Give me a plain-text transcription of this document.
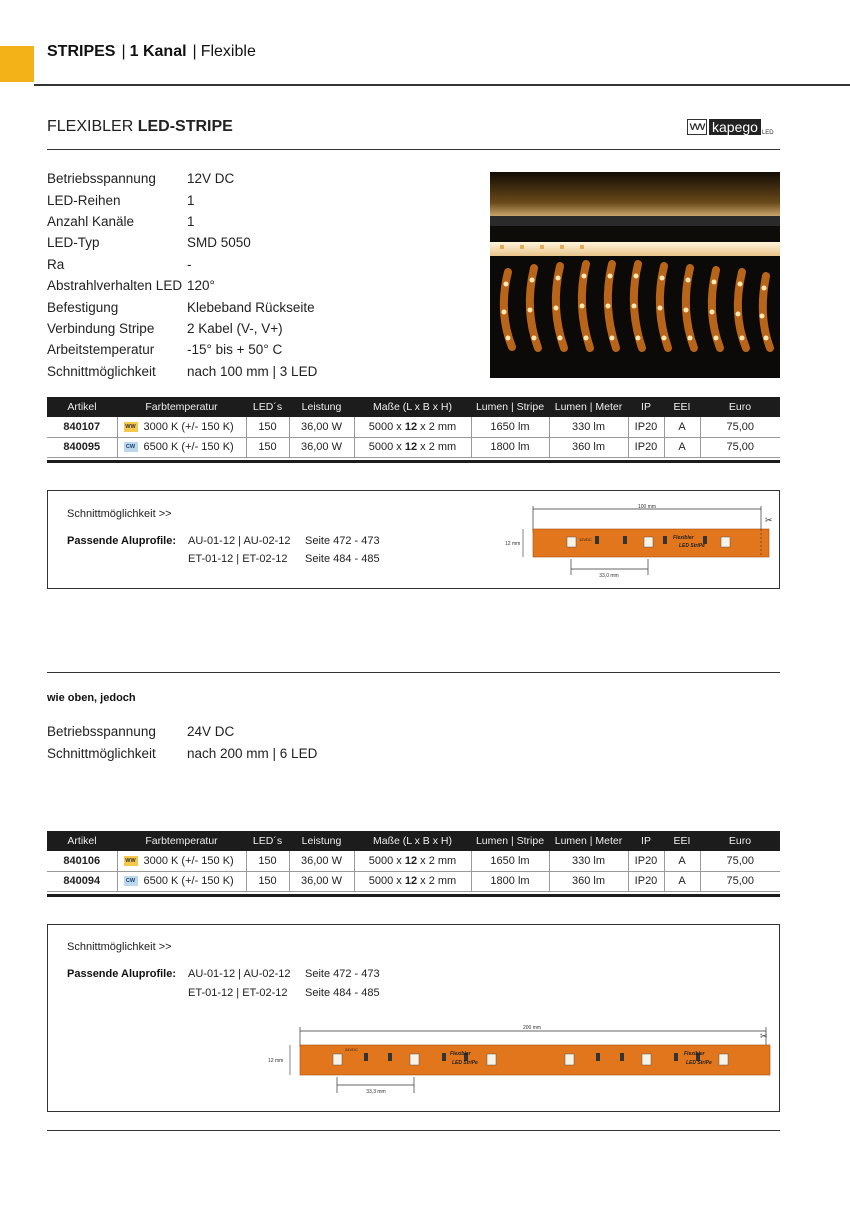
STRIPES | 1 Kanal | Flexible
FLEXIBLER LED-STRIPE	VVV kapego LED
Betriebsspannung	12V DC
LED-Reihen	1
Anzahl Kanäle	1
LED-Typ	SMD 5050
Ra	-
Abstrahlverhalten LED 120°
Befestigung	Klebeband Rückseite
Verbindung Stripe	2 Kabel (V-, V+)
Arbeitstemperatur	-15° bis + 50° C
Schnittmöglichkeit	nach 100 mm | 3 LED
Artikel	Farbtemperatur	LED´s	Leistung	Maße (L x B x H)	Lumen | Stripe	Lumen | Meter	IP	EEI	Euro
840107	WW 3000 K (+/- 150 K)	150	36,00 W	5000 x 12 x 2 mm	1650 lm	330 lm	IP20	A	75,00
840095	CW 6500 K (+/- 150 K)	150	36,00 W	5000 x 12 x 2 mm	1800 lm	360 lm	IP20	A	75,00
Schnittmöglichkeit >>
Passende Aluprofile: AU-01-12 | AU-02-12 Seite 472 - 473
ET-01-12 | ET-02-12 Seite 484 - 485
100 mm
✂
12 mm
12VDC	Flexibler
LED StriPe
33,0 mm
wie oben, jedoch
Betriebsspannung	24V DC
Schnittmöglichkeit	nach 200 mm | 6 LED
Artikel	Farbtemperatur	LED´s	Leistung	Maße (L x B x H)	Lumen | Stripe	Lumen | Meter	IP	EEI	Euro
840106	WW 3000 K (+/- 150 K)	150	36,00 W	5000 x 12 x 2 mm	1650 lm	330 lm	IP20	A	75,00
840094	CW 6500 K (+/- 150 K)	150	36,00 W	5000 x 12 x 2 mm	1800 lm	360 lm	IP20	A	75,00
Schnittmöglichkeit >>
Passende Aluprofile: AU-01-12 | AU-02-12 Seite 472 - 473
ET-01-12 | ET-02-12 Seite 484 - 485
200 mm
✂
12 mm
24VDC
Flexibler
LED StriPe
Flexibler
LED StriPe
33,3 mm
